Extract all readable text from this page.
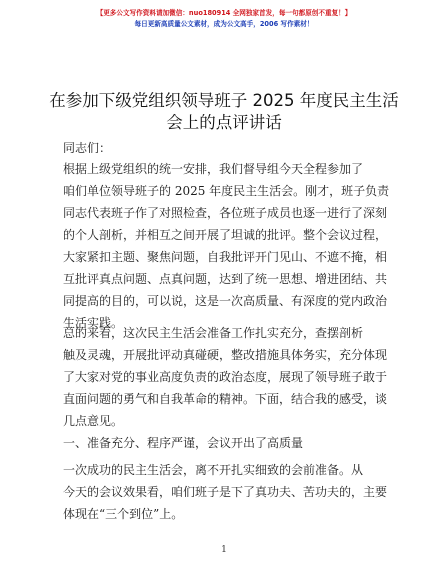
【更多公文写作资料请加微信：nuo180914 全网独家首发，每一句都原创不重复！】
每日更新高质量公文素材，成为公文高手，2006 写作素材！
在参加下级党组织领导班子 2025 年度民主生活
会上的点评讲话
同志们：
根据上级党组织的统一安排，我们督导组今天全程参加了
咱们单位领导班子的 2025 年度民主生活会。刚才，班子负责
同志代表班子作了对照检查，各位班子成员也逐一进行了深刻
的个人剖析，并相互之间开展了坦诚的批评。整个会议过程，
大家紧扣主题、聚焦问题，自我批评开门见山、不遮不掩，相
互批评真点问题、点真问题，达到了统一思想、增进团结、共
同提高的目的，可以说，这是一次高质量、有深度的党内政治
生活实践。
总的来看，这次民主生活会准备工作扎实充分，查摆剖析
触及灵魂，开展批评动真碰硬，整改措施具体务实，充分体现
了大家对党的事业高度负责的政治态度，展现了领导班子敢于
直面问题的勇气和自我革命的精神。下面，结合我的感受，谈
几点意见。
一、准备充分、程序严谨，会议开出了高质量
一次成功的民主生活会，离不开扎实细致的会前准备。从
今天的会议效果看，咱们班子是下了真功夫、苦功夫的，主要
体现在“三个到位”上。
1
